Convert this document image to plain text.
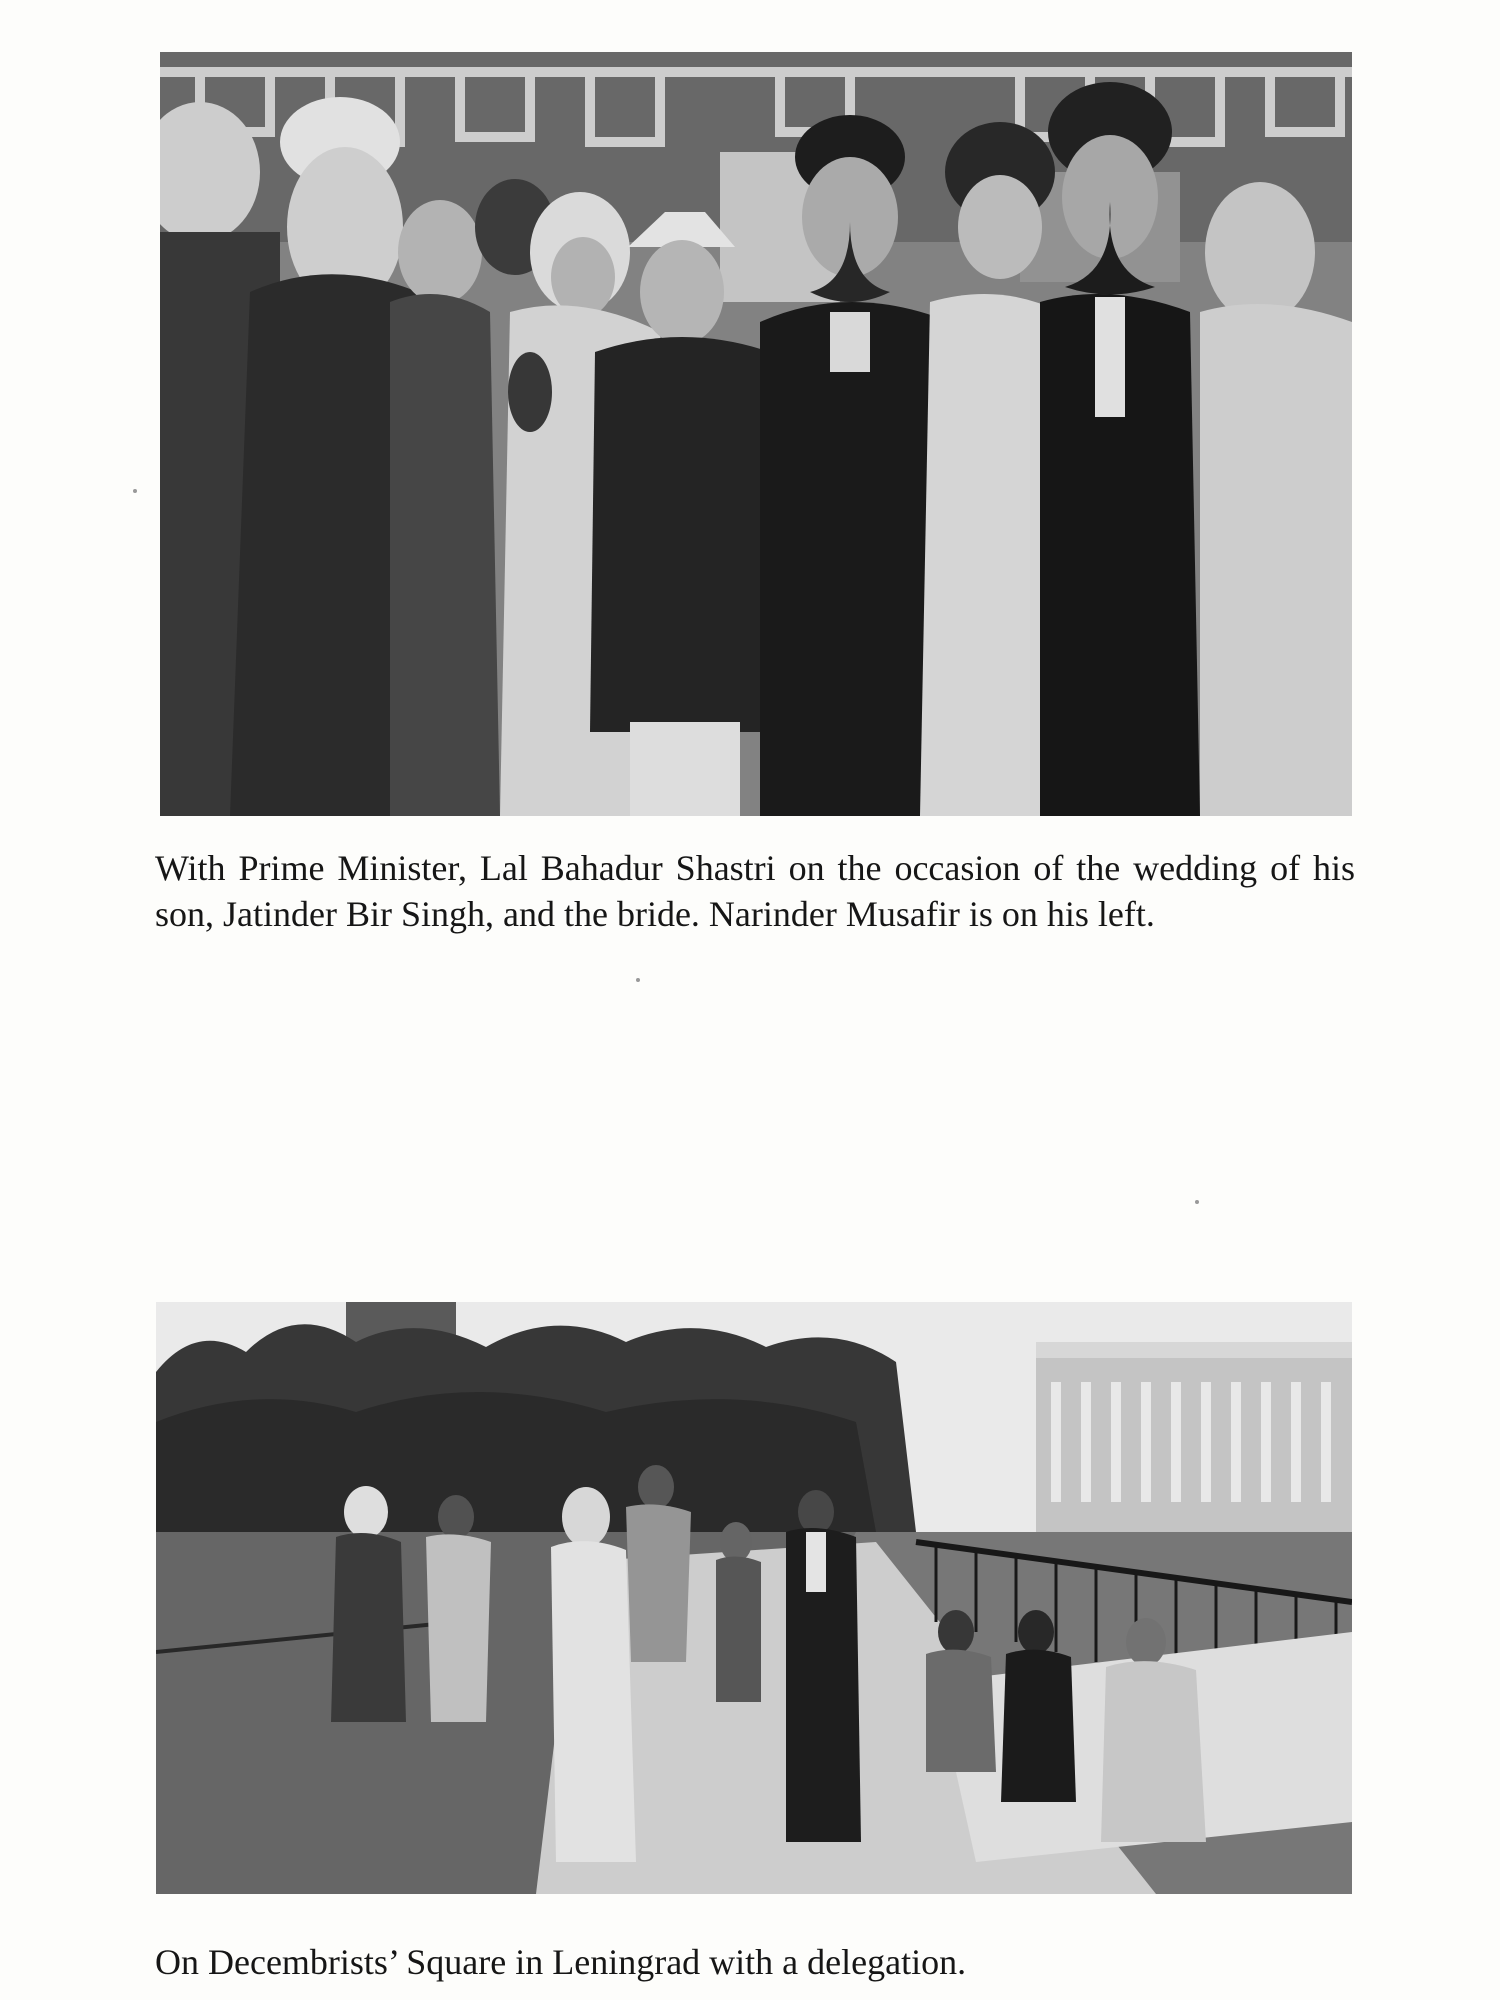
With Prime Minister, Lal Bahadur Shastri on the occasion of the wedding of his son, Jatinder Bir Singh, and the bride. Narinder Musafir is on his left.

On Decembrists’ Square in Leningrad with a delegation.
